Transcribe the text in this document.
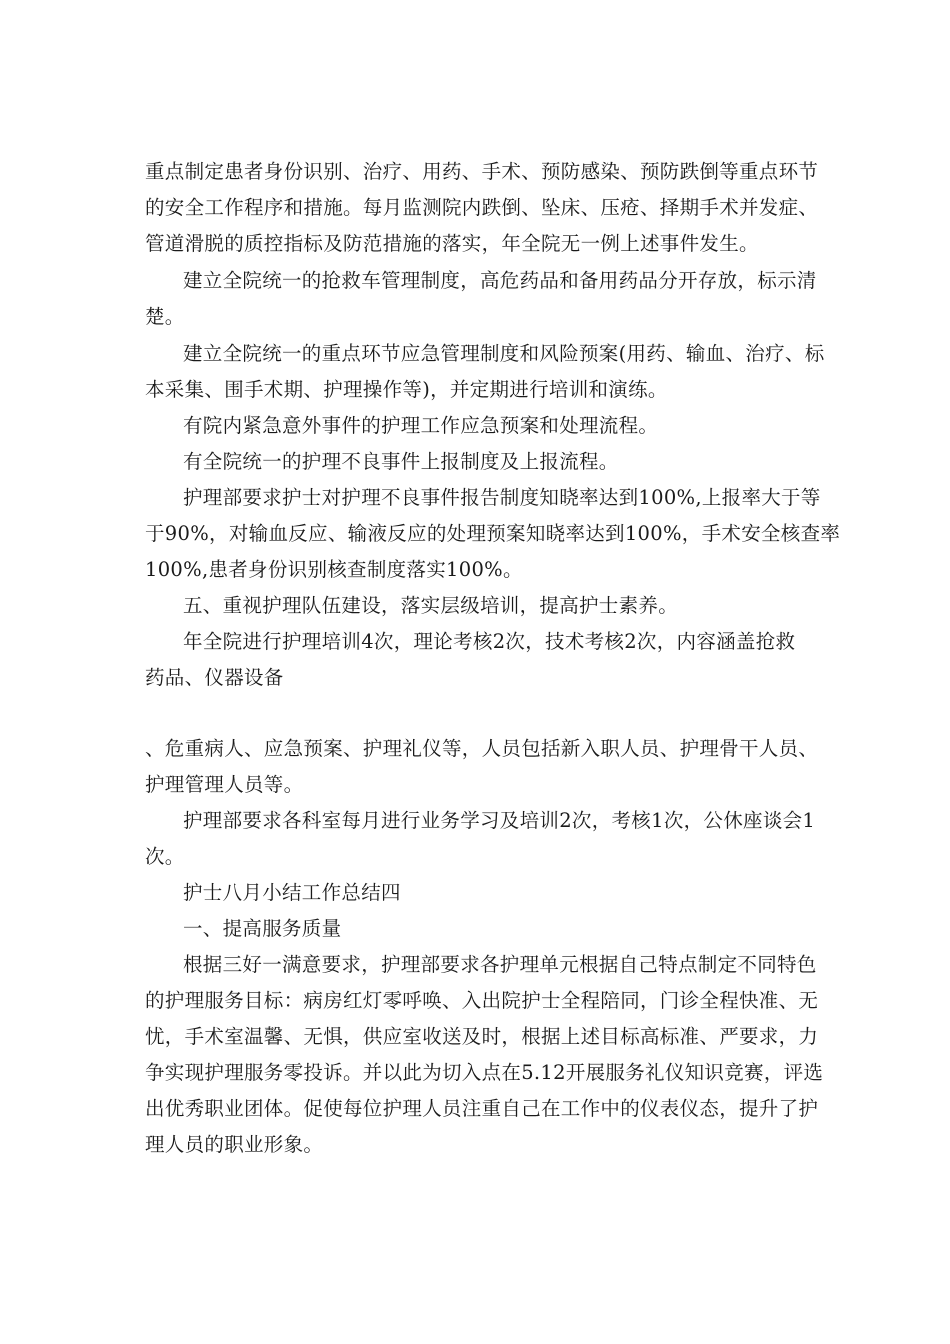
重点制定患者身份识别、治疗、用药、手术、预防感染、预防跌倒等重点环节
的安全工作程序和措施。每月监测院内跌倒、坠床、压疮、择期手术并发症、
管道滑脱的质控指标及防范措施的落实，年全院无一例上述事件发生。
建立全院统一的抢救车管理制度，高危药品和备用药品分开存放，标示清
楚。
建立全院统一的重点环节应急管理制度和风险预案(用药、输血、治疗、标
本采集、围手术期、护理操作等)，并定期进行培训和演练。
有院内紧急意外事件的护理工作应急预案和处理流程。
有全院统一的护理不良事件上报制度及上报流程。
护理部要求护士对护理不良事件报告制度知晓率达到100%,上报率大于等
于90%，对输血反应、输液反应的处理预案知晓率达到100%，手术安全核查率
100%,患者身份识别核查制度落实100%。
五、重视护理队伍建设，落实层级培训，提高护士素养。
年全院进行护理培训4次，理论考核2次，技术考核2次，内容涵盖抢救
药品、仪器设备
、危重病人、应急预案、护理礼仪等，人员包括新入职人员、护理骨干人员、
护理管理人员等。
护理部要求各科室每月进行业务学习及培训2次，考核1次，公休座谈会1
次。
护士八月小结工作总结四
一、提高服务质量
根据三好一满意要求，护理部要求各护理单元根据自己特点制定不同特色
的护理服务目标：病房红灯零呼唤、入出院护士全程陪同，门诊全程快准、无
忧，手术室温馨、无惧，供应室收送及时，根据上述目标高标准、严要求，力
争实现护理服务零投诉。并以此为切入点在5.12开展服务礼仪知识竞赛，评选
出优秀职业团体。促使每位护理人员注重自己在工作中的仪表仪态，提升了护
理人员的职业形象。
